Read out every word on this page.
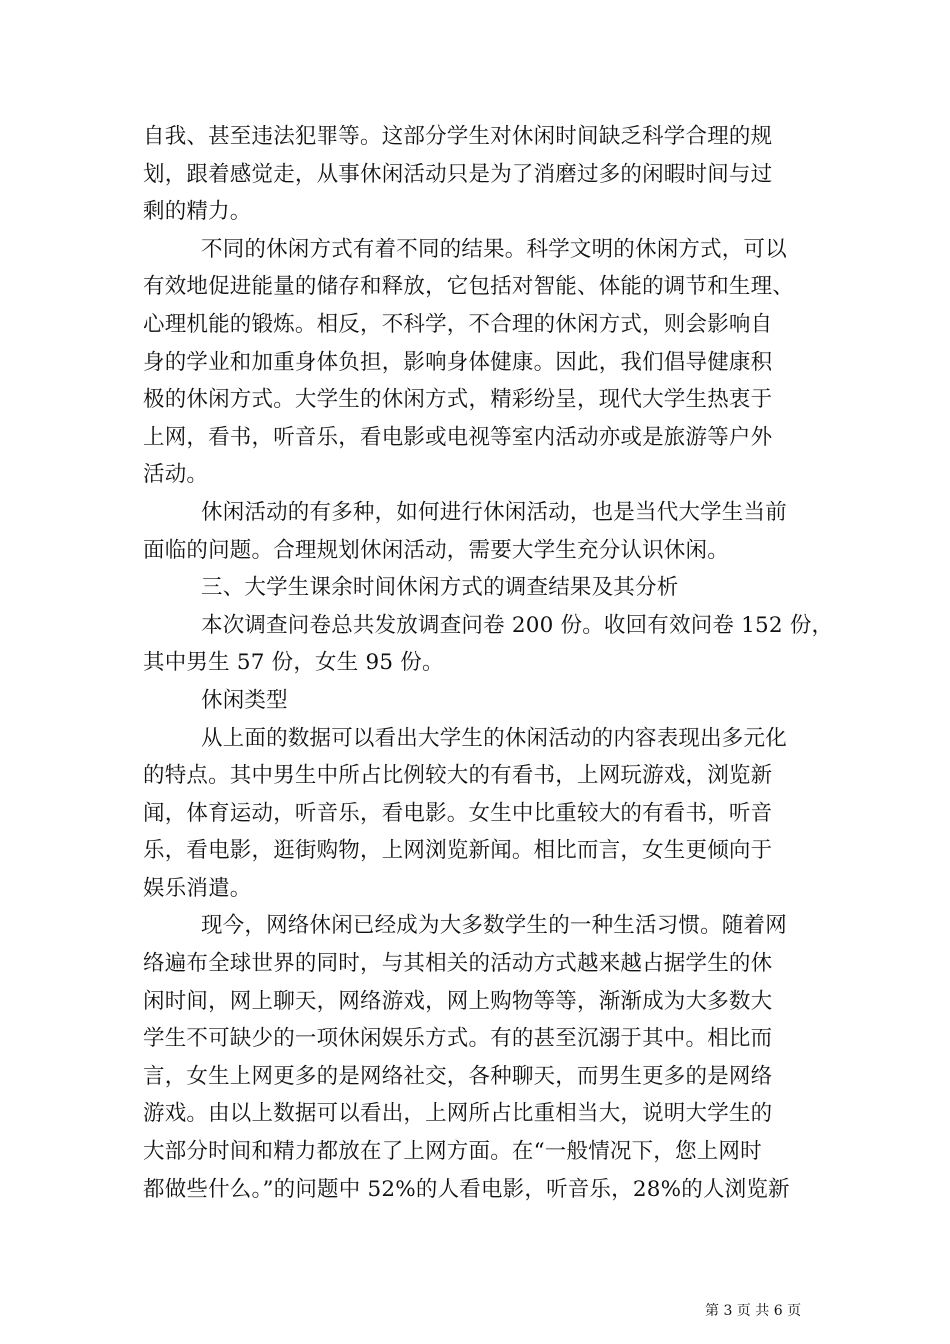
自我、甚至违法犯罪等。这部分学生对休闲时间缺乏科学合理的规
划，跟着感觉走，从事休闲活动只是为了消磨过多的闲暇时间与过
剩的精力。
不同的休闲方式有着不同的结果。科学文明的休闲方式，可以
有效地促进能量的储存和释放，它包括对智能、体能的调节和生理、
心理机能的锻炼。相反，不科学，不合理的休闲方式，则会影响自
身的学业和加重身体负担，影响身体健康。因此，我们倡导健康积
极的休闲方式。大学生的休闲方式，精彩纷呈，现代大学生热衷于
上网，看书，听音乐，看电影或电视等室内活动亦或是旅游等户外
活动。
休闲活动的有多种，如何进行休闲活动，也是当代大学生当前
面临的问题。合理规划休闲活动，需要大学生充分认识休闲。
三、大学生课余时间休闲方式的调查结果及其分析
本次调查问卷总共发放调查问卷 200 份。收回有效问卷 152 份，
其中男生 57 份，女生 95 份。
休闲类型
从上面的数据可以看出大学生的休闲活动的内容表现出多元化
的特点。其中男生中所占比例较大的有看书，上网玩游戏，浏览新
闻，体育运动，听音乐，看电影。女生中比重较大的有看书，听音
乐，看电影，逛街购物，上网浏览新闻。相比而言，女生更倾向于
娱乐消遣。
现今，网络休闲已经成为大多数学生的一种生活习惯。随着网
络遍布全球世界的同时，与其相关的活动方式越来越占据学生的休
闲时间，网上聊天，网络游戏，网上购物等等，渐渐成为大多数大
学生不可缺少的一项休闲娱乐方式。有的甚至沉溺于其中。相比而
言，女生上网更多的是网络社交，各种聊天，而男生更多的是网络
游戏。由以上数据可以看出，上网所占比重相当大，说明大学生的
大部分时间和精力都放在了上网方面。在“一般情况下，您上网时
都做些什么。”的问题中 52%的人看电影，听音乐，28%的人浏览新
第 3 页 共 6 页
